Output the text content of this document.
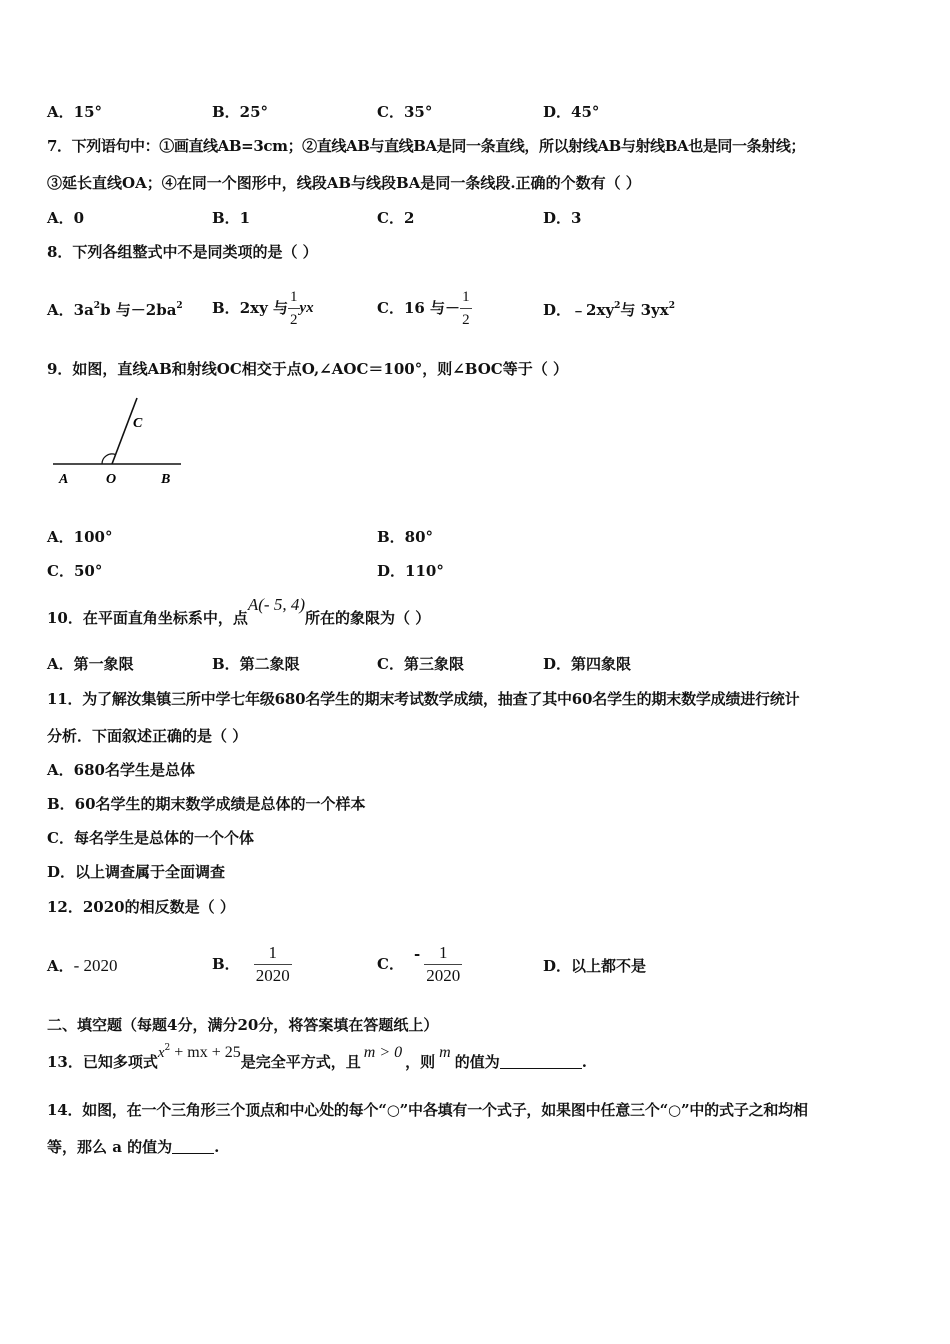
A．15°	B．25°	C．35°	D．45°
7．下列语句中：①画直线AB=3cm；②直线AB与直线BA是同一条直线，所以射线AB与射线BA也是同一条射线；
③延长直线OA；④在同一个图形中，线段AB与线段BA是同一条线段.正确的个数有（ ）
A．0	B．1	C．2	D．3
8．下列各组整式中不是同类项的是（ ）
A．$3a^2b$ 与$-2ba^2$ B． 2xy 与 $\frac{1}{2}$ yx	C． 16 与－ $\frac{1}{2}$	D．$﹣2xy^2$与 $3yx^2$
9．如图，直线AB和射线OC相交于点O,∠AOC＝100°，则∠BOC等于（ ）
A	O	B
C
A．100°	B．80°
C．50°	D．110°
10．在平面直角坐标系中，点A(- 5, 4)所在的象限为（ ）
A．第一象限	B．第二象限	C．第三象限	D．第四象限
11．为了解汝集镇三所中学七年级680名学生的期末考试数学成绩，抽查了其中60名学生的期末数学成绩进行统计
分析．下面叙述正确的是（ ）
A．680名学生是总体
B．60名学生的期末数学成绩是总体的一个样本
C．每名学生是总体的一个个体
D．以上调查属于全面调查
12．2020的相反数是（ ）
A．- 2020	B． $\frac{1}{2020}$	C．
- $\frac{1}{2020}$	D．以上都不是
二、填空题（每题4分，满分20分，将答案填在答题纸上）
13．已知多项式$x^2$ + mx + 25是完全平方式，且m > 0，则m的值为	.
14．如图，在一个三角形三个顶点和中心处的每个“○”中各填有一个式子，如果图中任意三个“○”中的式子之和均相
等，那么 a 的值为	.
